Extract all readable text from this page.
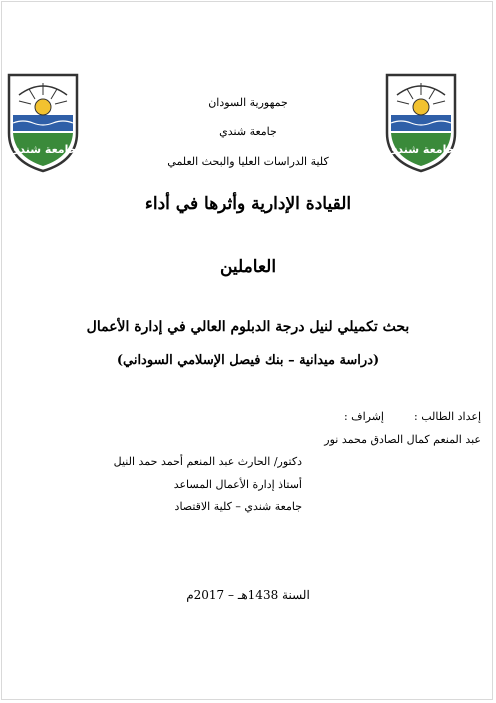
جامعة شندي	جامعة شندي
جمهورية السودان
جامعة شندي
كلية الدراسات العليا والبحث العلمي
القيادة الإدارية وأثرها في أداء
العاملين
بحث تكميلي لنيل درجة الدبلوم العالي في إدارة الأعمال
(دراسة ميدانية – بنك فيصل الإسلامي السوداني)
إعداد الطالب :
إشراف :
عبد المنعم كمال الصادق محمد نور
دكتور/ الحارث عبد المنعم أحمد حمد النيل
أستاذ إدارة الأعمال المساعد
جامعة شندي – كلية الاقتصاد
السنة 1438هـ – 2017م
